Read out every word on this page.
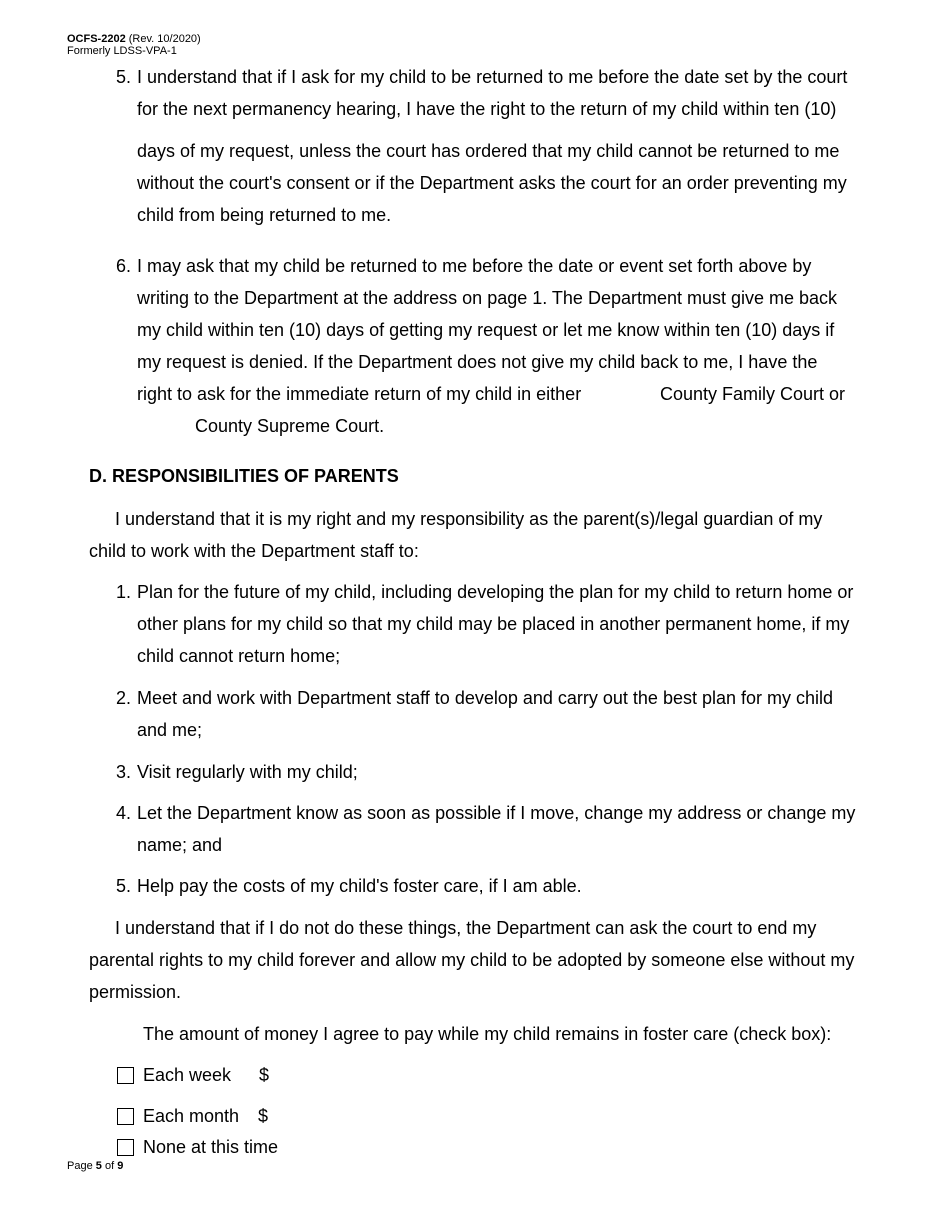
OCFS-2202 (Rev. 10/2020)
Formerly LDSS-VPA-1
5. I understand that if I ask for my child to be returned to me before the date set by the court
for the next permanency hearing, I have the right to the return of my child within ten (10)
days of my request, unless the court has ordered that my child cannot be returned to me
without the court's consent or if the Department asks the court for an order preventing my
child from being returned to me.
6. I may ask that my child be returned to me before the date or event set forth above by
writing to the Department at the address on page 1. The Department must give me back
my child within ten (10) days of getting my request or let me know within ten (10) days if
my request is denied. If the Department does not give my child back to me, I have the
right to ask for the immediate return of my child in either	County Family Court or
County Supreme Court.
D. RESPONSIBILITIES OF PARENTS
I understand that it is my right and my responsibility as the parent(s)/legal guardian of my
child to work with the Department staff to:
1. Plan for the future of my child, including developing the plan for my child to return home or
other plans for my child so that my child may be placed in another permanent home, if my
child cannot return home;
2. Meet and work with Department staff to develop and carry out the best plan for my child
and me;
3. Visit regularly with my child;
4. Let the Department know as soon as possible if I move, change my address or change my
name; and
5. Help pay the costs of my child's foster care, if I am able.
I understand that if I do not do these things, the Department can ask the court to end my
parental rights to my child forever and allow my child to be adopted by someone else without my
permission.
The amount of money I agree to pay while my child remains in foster care (check box):
Each week $
Each month $
None at this time
Page 5 of 9
